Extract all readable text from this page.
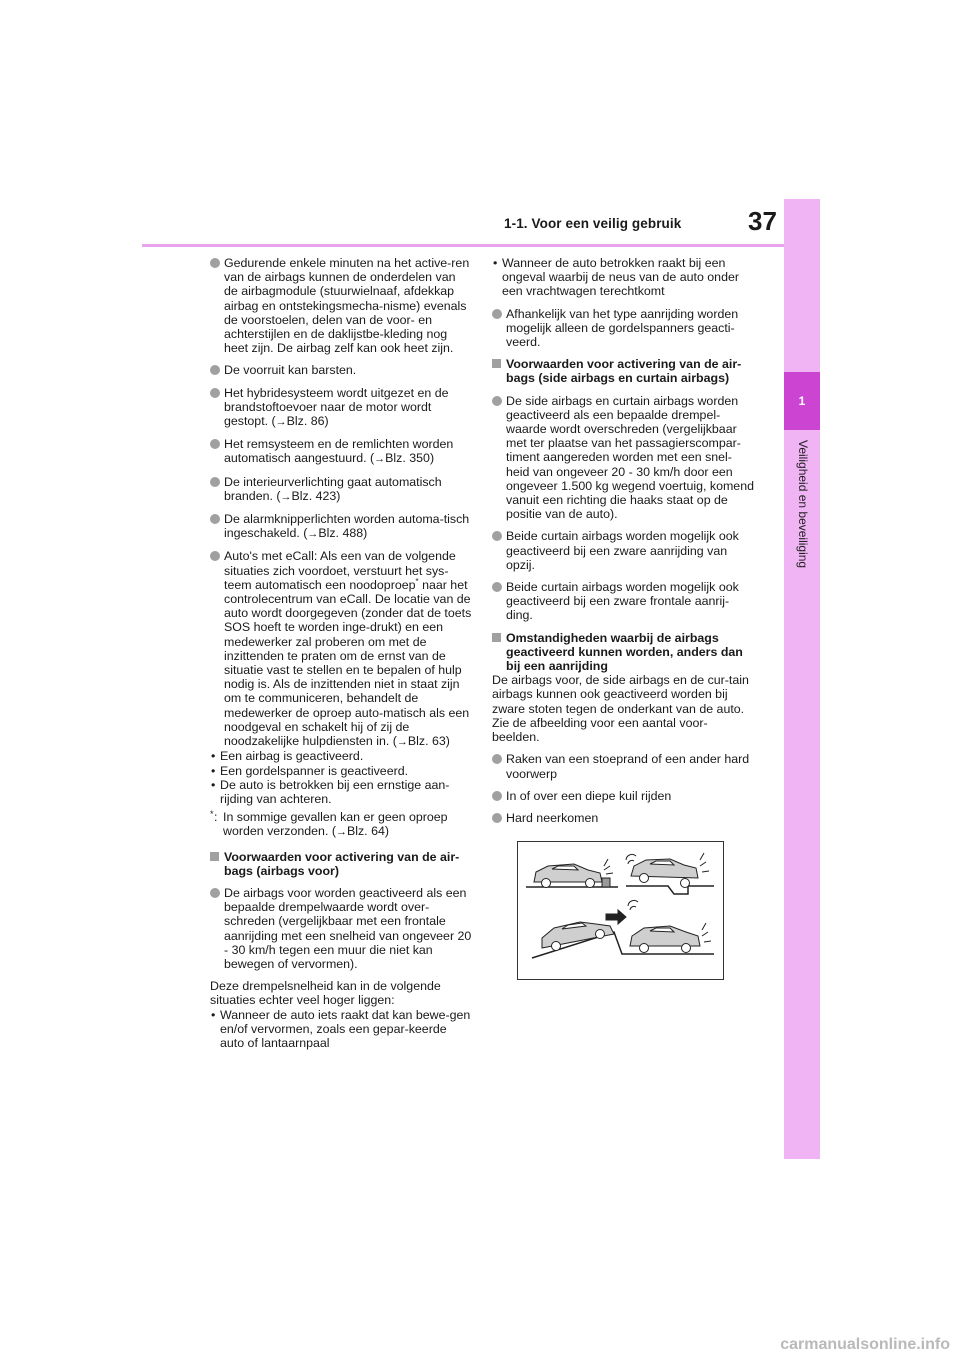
1-1. Voor een veilig gebruik	37
1
Veiligheid en beveiliging
Gedurende enkele minuten na het active-ren van de airbags kunnen de onderdelen van de airbagmodule (stuurwielnaaf, afdekkap airbag en ontstekingsmecha-nisme) evenals de voorstoelen, delen van de voor- en achterstijlen en de daklijstbe-kleding nog heet zijn. De airbag zelf kan ook heet zijn.
De voorruit kan barsten.
Het hybridesysteem wordt uitgezet en de brandstoftoevoer naar de motor wordt gestopt. (→Blz. 86)
Het remsysteem en de remlichten worden automatisch aangestuurd. (→Blz. 350)
De interieurverlichting gaat automatisch branden. (→Blz. 423)
De alarmknipperlichten worden automa-tisch ingeschakeld. (→Blz. 488)
Auto's met eCall: Als een van de volgende situaties zich voordoet, verstuurt het sys-teem automatisch een noodoproep* naar het controlecentrum van eCall. De locatie van de auto wordt doorgegeven (zonder dat de toets SOS hoeft te worden inge-drukt) en een medewerker zal proberen om met de inzittenden te praten om de ernst van de situatie vast te stellen en te bepalen of hulp nodig is. Als de inzittenden niet in staat zijn om te communiceren, behandelt de medewerker de oproep auto-matisch als een noodgeval en schakelt hij of zij de noodzakelijke hulpdiensten in. (→Blz. 63)

• Een airbag is geactiveerd.

• Een gordelspanner is geactiveerd.

• De auto is betrokken bij een ernstige aan-rijding van achteren.

* : In sommige gevallen kan er geen oproep worden verzonden. (→Blz. 64)
Voorwaarden voor activering van de air-bags (airbags voor)
De airbags voor worden geactiveerd als een bepaalde drempelwaarde wordt over-schreden (vergelijkbaar met een frontale aanrijding met een snelheid van ongeveer 20 - 30 km/h tegen een muur die niet kan bewegen of vervormen).

Deze drempelsnelheid kan in de volgende situaties echter veel hoger liggen:

• Wanneer de auto iets raakt dat kan bewe-gen en/of vervormen, zoals een gepar-keerde auto of lantaarnpaal

• Wanneer de auto betrokken raakt bij een ongeval waarbij de neus van de auto onder een vrachtwagen terechtkomt

Afhankelijk van het type aanrijding worden mogelijk alleen de gordelspanners geacti-veerd.
Voorwaarden voor activering van de air-bags (side airbags en curtain airbags)
De side airbags en curtain airbags worden geactiveerd als een bepaalde drempel-waarde wordt overschreden (vergelijkbaar met ter plaatse van het passagierscompar-timent aangereden worden met een snel-heid van ongeveer 20 - 30 km/h door een ongeveer 1.500 kg wegend voertuig, komend vanuit een richting die haaks staat op de positie van de auto).
Beide curtain airbags worden mogelijk ook geactiveerd bij een zware aanrijding van opzij.
Beide curtain airbags worden mogelijk ook geactiveerd bij een zware frontale aanrij-ding.
Omstandigheden waarbij de airbags geactiveerd kunnen worden, anders dan bij een aanrijding

De airbags voor, de side airbags en de cur-tain airbags kunnen ook geactiveerd worden bij zware stoten tegen de onderkant van de auto. Zie de afbeelding voor een aantal voor-beelden.

Raken van een stoeprand of een ander hard voorwerp
In of over een diepe kuil rijden
Hard neerkomen
carmanualsonline.info
